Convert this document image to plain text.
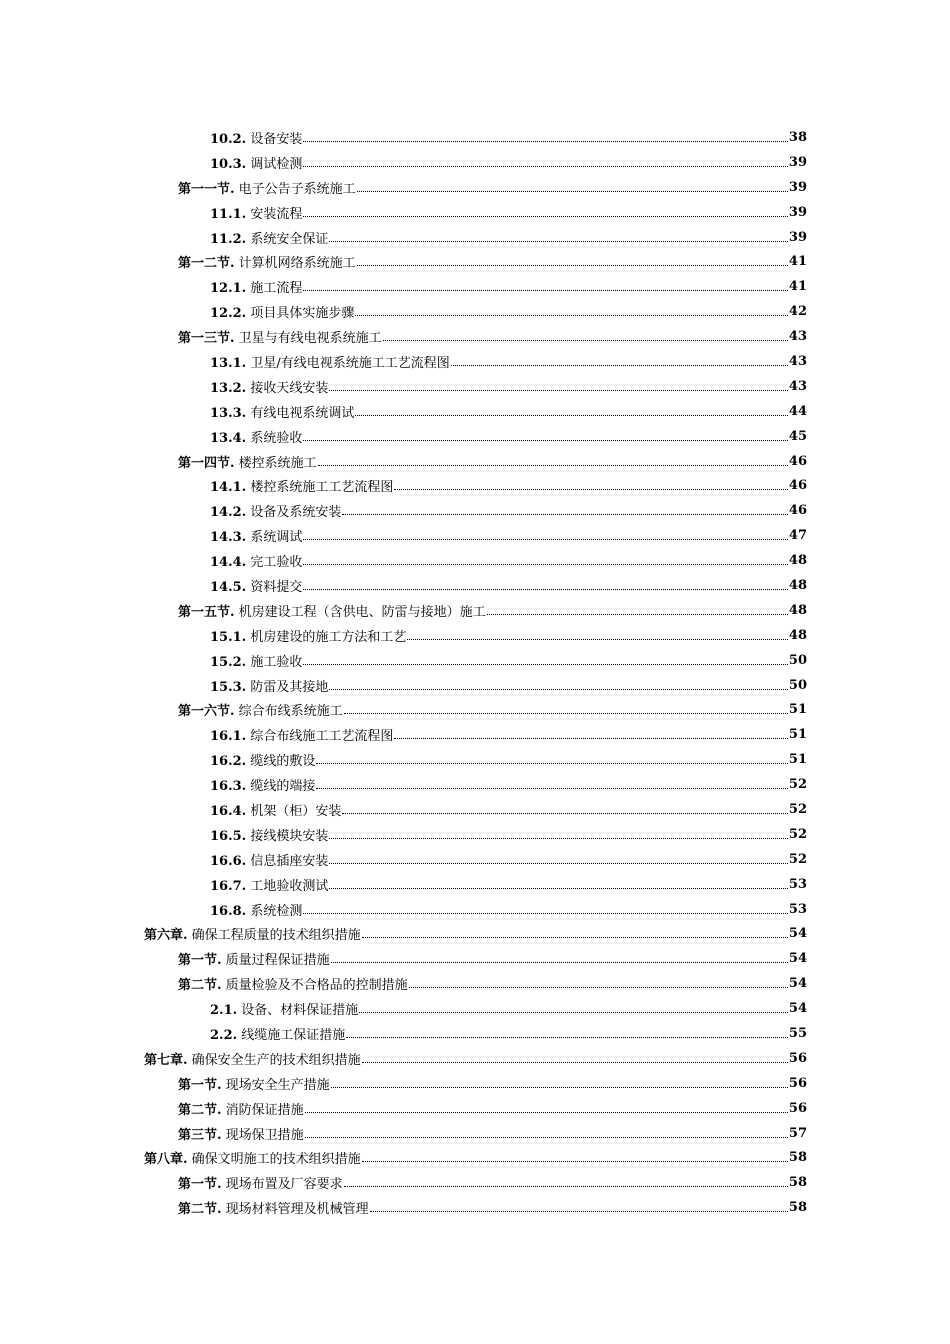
10.2. 设备安装	38
10.3. 调试检测	39
第一一节. 电子公告子系统施工	39
11.1. 安装流程	39
11.2. 系统安全保证	39
第一二节. 计算机网络系统施工	41
12.1. 施工流程	41
12.2. 项目具体实施步骤	42
第一三节. 卫星与有线电视系统施工	43
13.1. 卫星/有线电视系统施工工艺流程图	43
13.2. 接收天线安装	43
13.3. 有线电视系统调试	44
13.4. 系统验收	45
第一四节. 楼控系统施工	46
14.1. 楼控系统施工工艺流程图	46
14.2. 设备及系统安装	46
14.3. 系统调试	47
14.4. 完工验收	48
14.5. 资料提交	48
第一五节. 机房建设工程（含供电、防雷与接地）施工	48
15.1. 机房建设的施工方法和工艺	48
15.2. 施工验收	50
15.3. 防雷及其接地	50
第一六节. 综合布线系统施工	51
16.1. 综合布线施工工艺流程图	51
16.2. 缆线的敷设	51
16.3. 缆线的端接	52
16.4. 机架（柜）安装	52
16.5. 接线模块安装	52
16.6. 信息插座安装	52
16.7. 工地验收测试	53
16.8. 系统检测	53
第六章. 确保工程质量的技术组织措施	54
第一节. 质量过程保证措施	54
第二节. 质量检验及不合格品的控制措施	54
2.1. 设备、材料保证措施	54
2.2. 线缆施工保证措施	55
第七章. 确保安全生产的技术组织措施	56
第一节. 现场安全生产措施	56
第二节. 消防保证措施	56
第三节. 现场保卫措施	57
第八章. 确保文明施工的技术组织措施	58
第一节. 现场布置及厂容要求	58
第二节. 现场材料管理及机械管理	58
